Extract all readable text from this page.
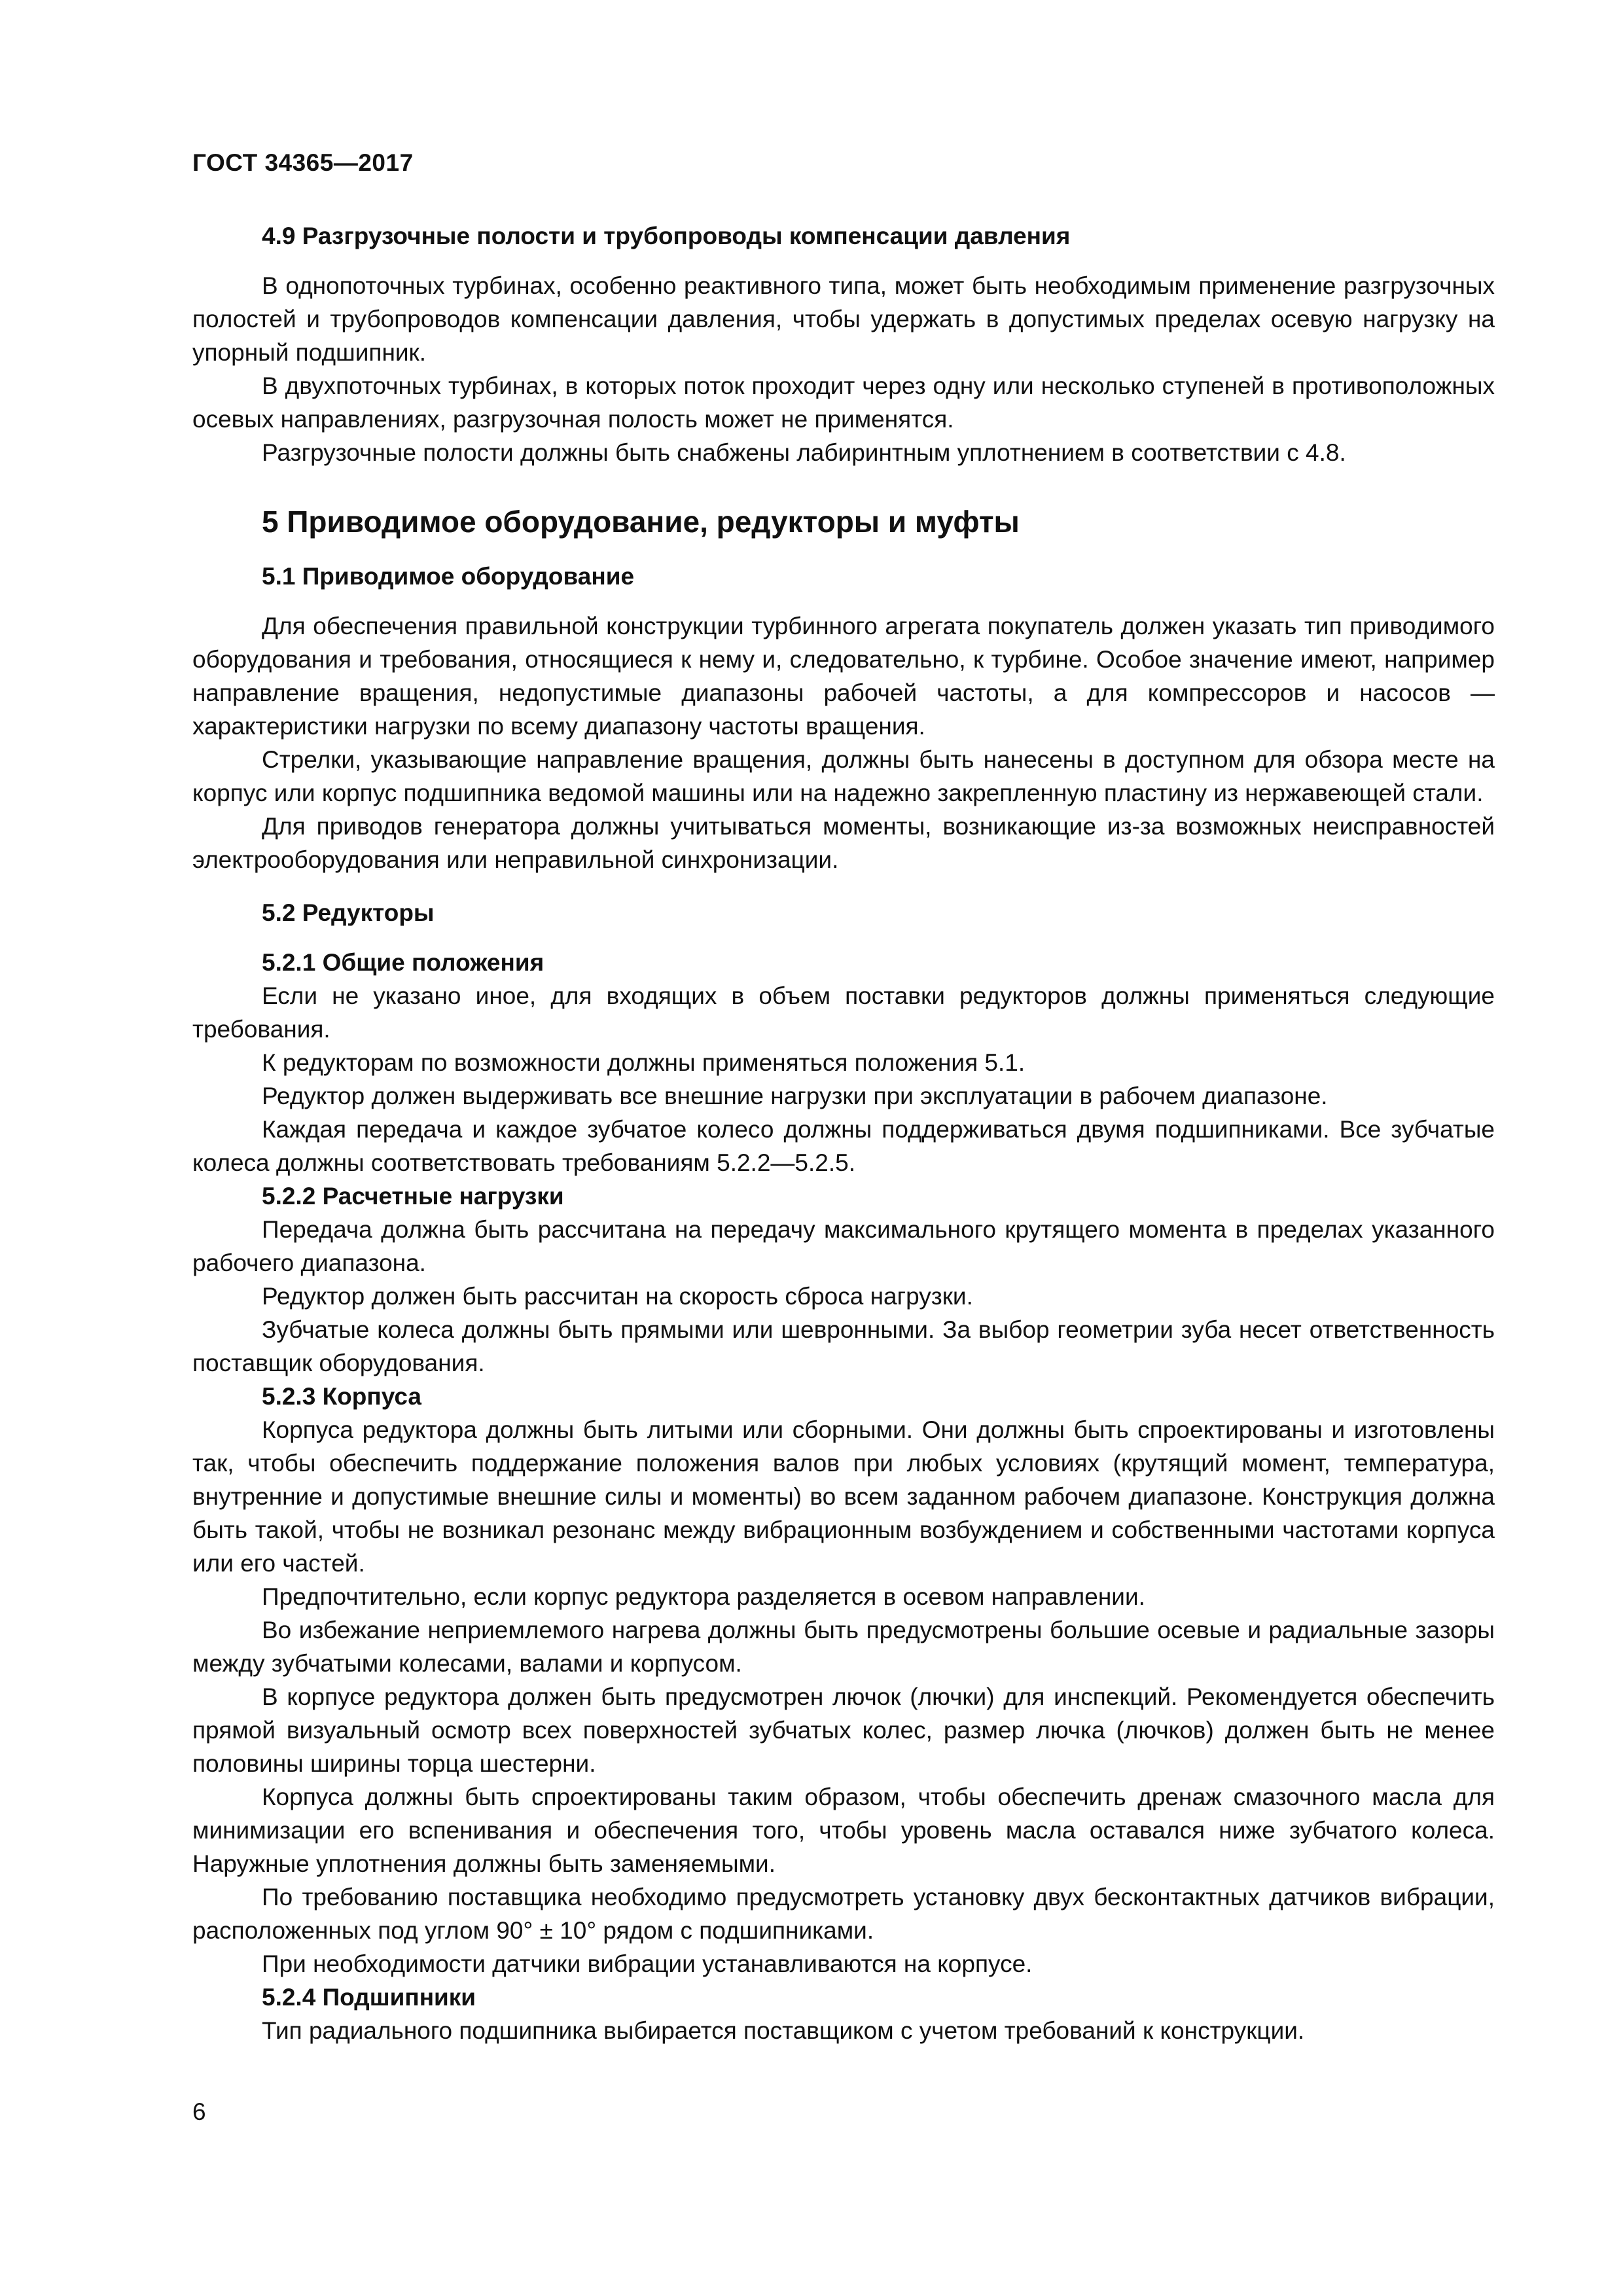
ГОСТ 34365—2017
4.9 Разгрузочные полости и трубопроводы компенсации давления

В однопоточных турбинах, особенно реактивного типа, может быть необходимым применение разгрузочных полостей и трубопроводов компенсации давления, чтобы удержать в допустимых пределах осевую нагрузку на упорный подшипник.

В двухпоточных турбинах, в которых поток проходит через одну или несколько ступеней в противоположных осевых направлениях, разгрузочная полость может не применятся.

Разгрузочные полости должны быть снабжены лабиринтным уплотнением в соответствии с 4.8.

5 Приводимое оборудование, редукторы и муфты
5.1 Приводимое оборудование

Для обеспечения правильной конструкции турбинного агрегата покупатель должен указать тип приводимого оборудования и требования, относящиеся к нему и, следовательно, к турбине. Особое значение имеют, например направление вращения, недопустимые диапазоны рабочей частоты, а для компрессоров и насосов — характеристики нагрузки по всему диапазону частоты вращения.

Стрелки, указывающие направление вращения, должны быть нанесены в доступном для обзора месте на корпус или корпус подшипника ведомой машины или на надежно закрепленную пластину из нержавеющей стали.

Для приводов генератора должны учитываться моменты, возникающие из-за возможных неисправностей электрооборудования или неправильной синхронизации.

5.2 Редукторы
5.2.1 Общие положения

Если не указано иное, для входящих в объем поставки редукторов должны применяться следующие требования.

К редукторам по возможности должны применяться положения 5.1.

Редуктор должен выдерживать все внешние нагрузки при эксплуатации в рабочем диапазоне.

Каждая передача и каждое зубчатое колесо должны поддерживаться двумя подшипниками. Все зубчатые колеса должны соответствовать требованиям 5.2.2—5.2.5.

5.2.2 Расчетные нагрузки

Передача должна быть рассчитана на передачу максимального крутящего момента в пределах указанного рабочего диапазона.

Редуктор должен быть рассчитан на скорость сброса нагрузки.

Зубчатые колеса должны быть прямыми или шевронными. За выбор геометрии зуба несет ответственность поставщик оборудования.

5.2.3 Корпуса

Корпуса редуктора должны быть литыми или сборными. Они должны быть спроектированы и изготовлены так, чтобы обеспечить поддержание положения валов при любых условиях (крутящий момент, температура, внутренние и допустимые внешние силы и моменты) во всем заданном рабочем диапазоне. Конструкция должна быть такой, чтобы не возникал резонанс между вибрационным возбуждением и собственными частотами корпуса или его частей.

Предпочтительно, если корпус редуктора разделяется в осевом направлении.

Во избежание неприемлемого нагрева должны быть предусмотрены большие осевые и радиальные зазоры между зубчатыми колесами, валами и корпусом.

В корпусе редуктора должен быть предусмотрен лючок (лючки) для инспекций. Рекомендуется обеспечить прямой визуальный осмотр всех поверхностей зубчатых колес, размер лючка (лючков) должен быть не менее половины ширины торца шестерни.

Корпуса должны быть спроектированы таким образом, чтобы обеспечить дренаж смазочного масла для минимизации его вспенивания и обеспечения того, чтобы уровень масла оставался ниже зубчатого колеса. Наружные уплотнения должны быть заменяемыми.

По требованию поставщика необходимо предусмотреть установку двух бесконтактных датчиков вибрации, расположенных под углом 90° ± 10° рядом с подшипниками.

При необходимости датчики вибрации устанавливаются на корпусе.

5.2.4 Подшипники

Тип радиального подшипника выбирается поставщиком с учетом требований к конструкции.

6
